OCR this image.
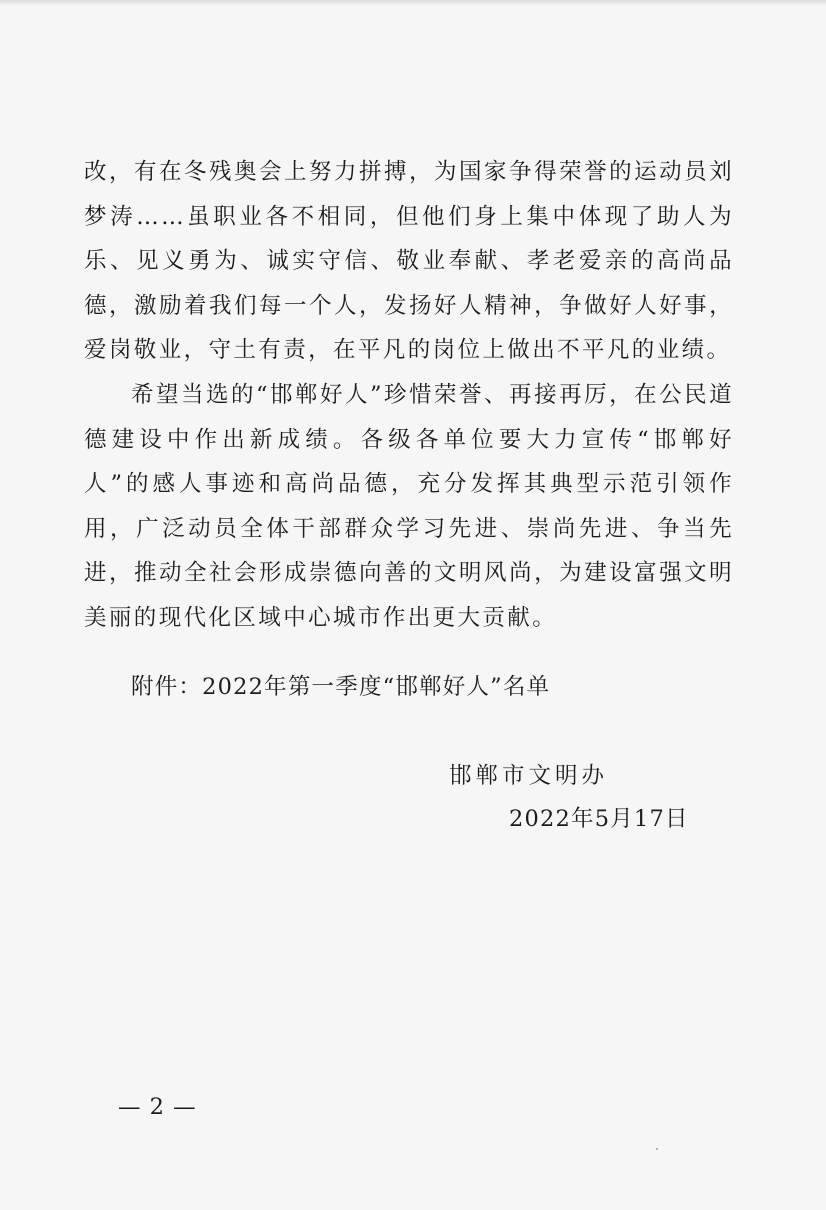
改，有在冬残奥会上努力拼搏，为国家争得荣誉的运动员刘梦涛……虽职业各不相同，但他们身上集中体现了助人为乐、见义勇为、诚实守信、敬业奉献、孝老爱亲的高尚品德，激励着我们每一个人，发扬好人精神，争做好人好事，爱岗敬业，守土有责，在平凡的岗位上做出不平凡的业绩。

希望当选的“邯郸好人”珍惜荣誉、再接再厉，在公民道德建设中作出新成绩。各级各单位要大力宣传“邯郸好人”的感人事迹和高尚品德，充分发挥其典型示范引领作用，广泛动员全体干部群众学习先进、崇尚先进、争当先进，推动全社会形成崇德向善的文明风尚，为建设富强文明美丽的现代化区域中心城市作出更大贡献。

附件：2022年第一季度“邯郸好人”名单
邯郸市文明办
2022年5月17日
— 2 —
